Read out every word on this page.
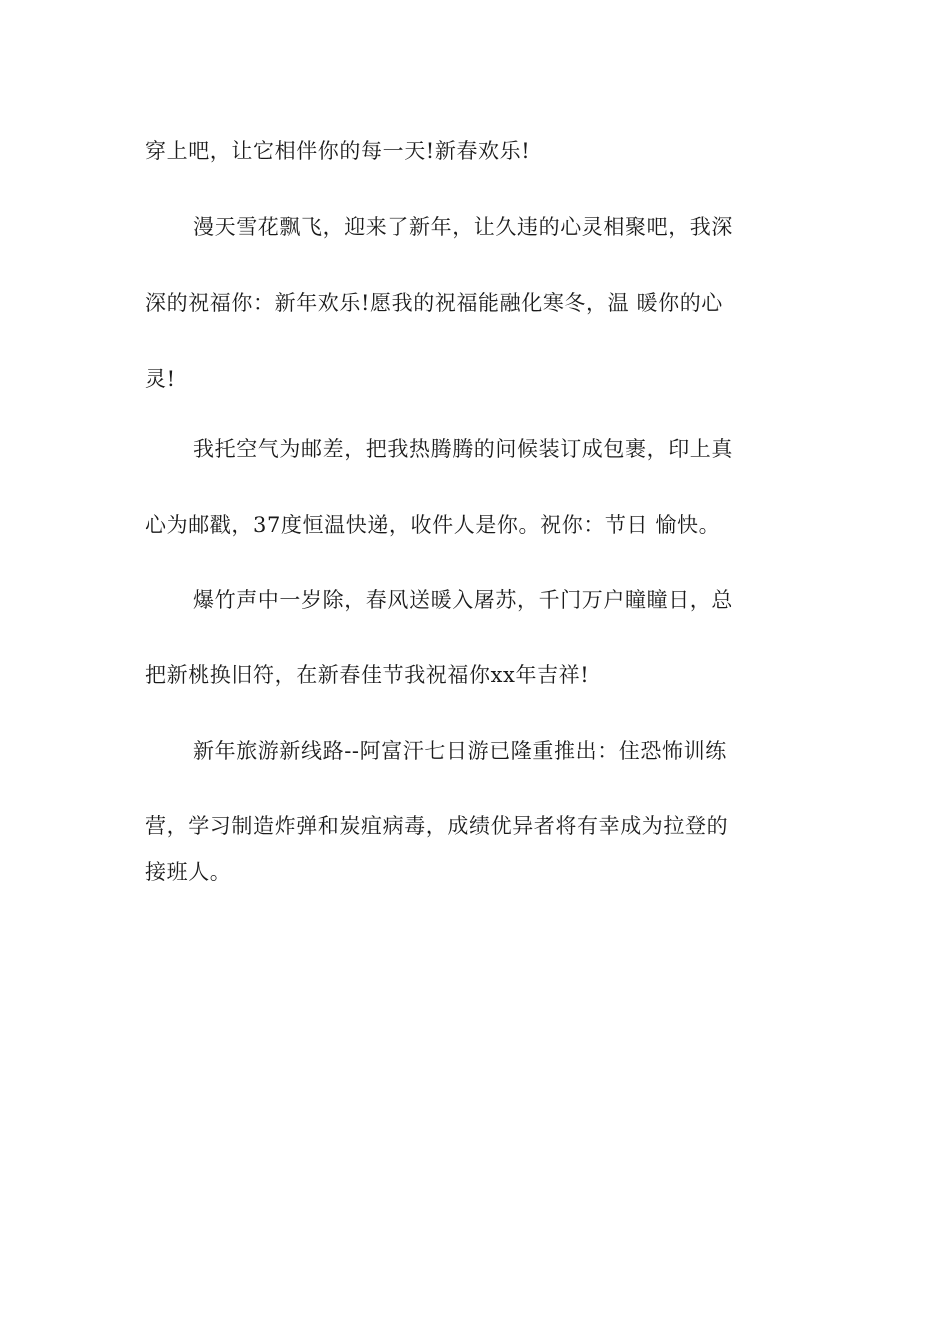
穿上吧，让它相伴你的每一天!新春欢乐!
漫天雪花飘飞，迎来了新年，让久违的心灵相聚吧，我深
深的祝福你：新年欢乐!愿我的祝福能融化寒冬，温 暖你的心
灵!
我托空气为邮差，把我热腾腾的问候装订成包裹，印上真
心为邮戳，37度恒温快递，收件人是你。祝你：节日 愉快。
爆竹声中一岁除，春风送暖入屠苏，千门万户瞳瞳日，总
把新桃换旧符，在新春佳节我祝福你xx年吉祥!
新年旅游新线路--阿富汗七日游已隆重推出：住恐怖训练
营，学习制造炸弹和炭疽病毒，成绩优异者将有幸成为拉登的
接班人。
